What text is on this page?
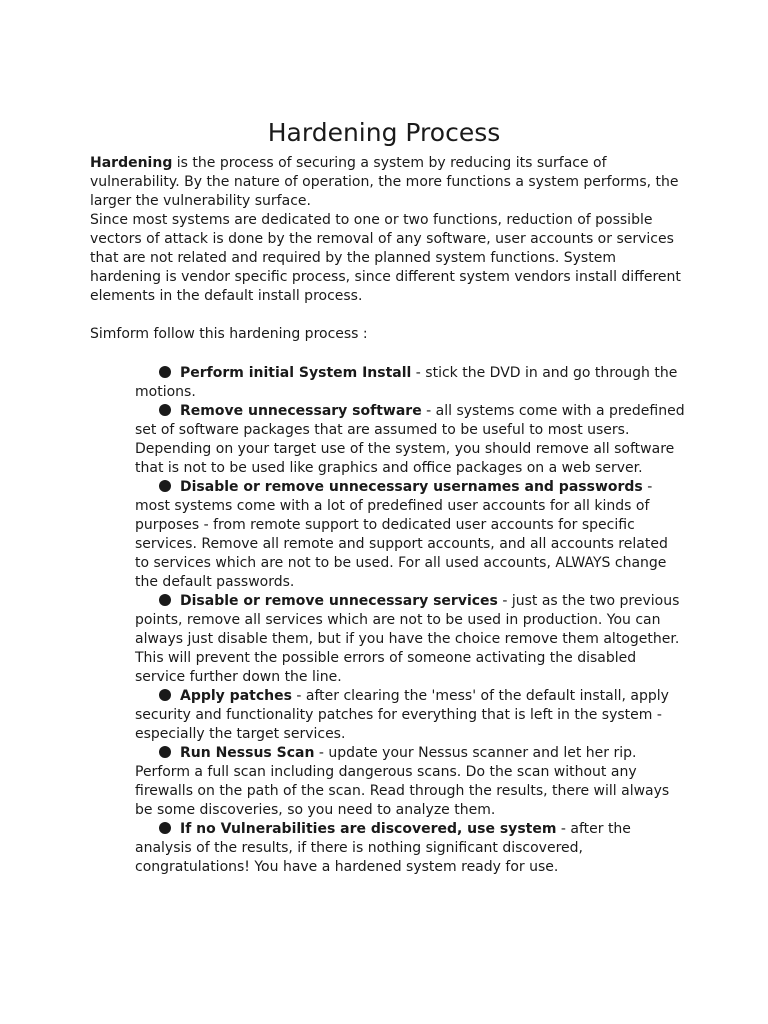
Hardening Process

Hardening is the process of securing a system by reducing its surface of vulnerability. By the nature of operation, the more functions a system performs, the larger the vulnerability surface.

Since most systems are dedicated to one or two functions, reduction of possible vectors of attack is done by the removal of any software, user accounts or services that are not related and required by the planned system functions. System hardening is vendor specific process, since different system vendors install different elements in the default install process.

Simform follow this hardening process :

Perform initial System Install - stick the DVD in and go through the motions.
Remove unnecessary software - all systems come with a predefined set of software packages that are assumed to be useful to most users. Depending on your target use of the system, you should remove all software that is not to be used like graphics and office packages on a web server.
Disable or remove unnecessary usernames and passwords - most systems come with a lot of predefined user accounts for all kinds of purposes - from remote support to dedicated user accounts for specific services. Remove all remote and support accounts, and all accounts related to services which are not to be used. For all used accounts, ALWAYS change the default passwords.
Disable or remove unnecessary services - just as the two previous points, remove all services which are not to be used in production. You can always just disable them, but if you have the choice remove them altogether. This will prevent the possible errors of someone activating the disabled service further down the line.
Apply patches - after clearing the 'mess' of the default install, apply security and functionality patches for everything that is left in the system - especially the target services.
Run Nessus Scan - update your Nessus scanner and let her rip. Perform a full scan including dangerous scans. Do the scan without any firewalls on the path of the scan. Read through the results, there will always be some discoveries, so you need to analyze them.
If no Vulnerabilities are discovered, use system - after the analysis of the results, if there is nothing significant discovered, congratulations! You have a hardened system ready for use.
